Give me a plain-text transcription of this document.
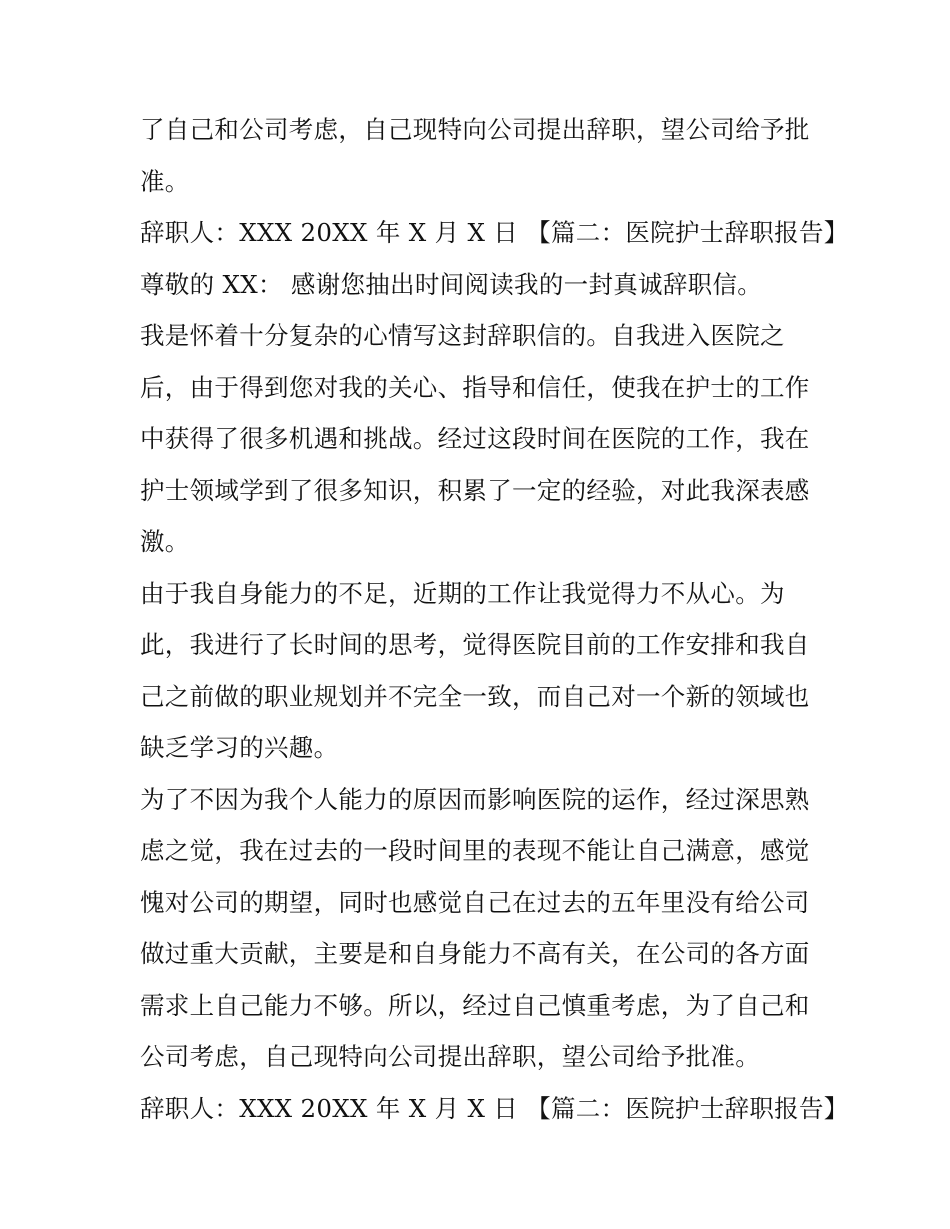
了自己和公司考虑，自己现特向公司提出辞职，望公司给予批

准。

辞职人：XXX 20XX 年 X 月 X 日 【篇二：医院护士辞职报告】

尊敬的 XX： 感谢您抽出时间阅读我的一封真诚辞职信。

我是怀着十分复杂的心情写这封辞职信的。自我进入医院之

后，由于得到您对我的关心、指导和信任，使我在护士的工作

中获得了很多机遇和挑战。经过这段时间在医院的工作，我在

护士领域学到了很多知识，积累了一定的经验，对此我深表感

激。

由于我自身能力的不足，近期的工作让我觉得力不从心。为

此，我进行了长时间的思考，觉得医院目前的工作安排和我自

己之前做的职业规划并不完全一致，而自己对一个新的领域也

缺乏学习的兴趣。

为了不因为我个人能力的原因而影响医院的运作，经过深思熟

虑之觉，我在过去的一段时间里的表现不能让自己满意，感觉

愧对公司的期望，同时也感觉自己在过去的五年里没有给公司

做过重大贡献，主要是和自身能力不高有关，在公司的各方面

需求上自己能力不够。所以，经过自己慎重考虑，为了自己和

公司考虑，自己现特向公司提出辞职，望公司给予批准。

辞职人：XXX 20XX 年 X 月 X 日 【篇二：医院护士辞职报告】
